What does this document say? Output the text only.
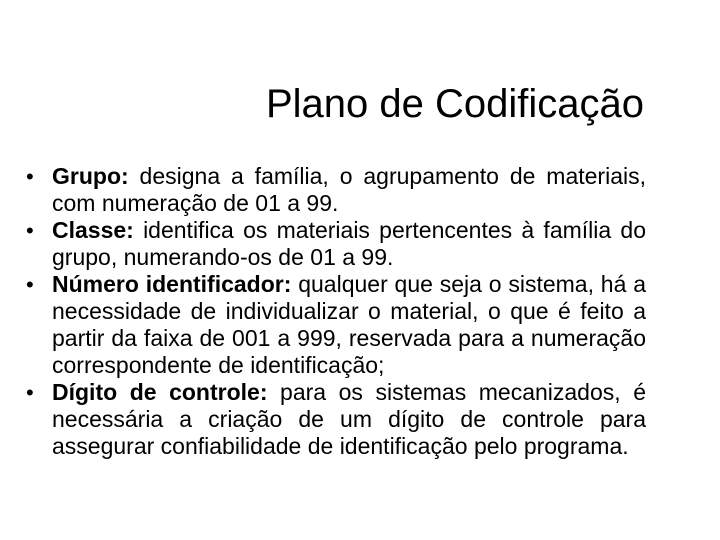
Plano de Codificação
• Grupo: designa a família, o agrupamento de materiais, com numeração de 01 a 99.
• Classe: identifica os materiais pertencentes à família do grupo, numerando-os de 01 a 99.
• Número identificador: qualquer que seja o sistema, há a necessidade de individualizar o material, o que é feito a partir da faixa de 001 a 999, reservada para a numeração correspondente de identificação;
• Dígito de controle: para os sistemas mecanizados, é necessária a criação de um dígito de controle para assegurar confiabilidade de identificação pelo programa.
